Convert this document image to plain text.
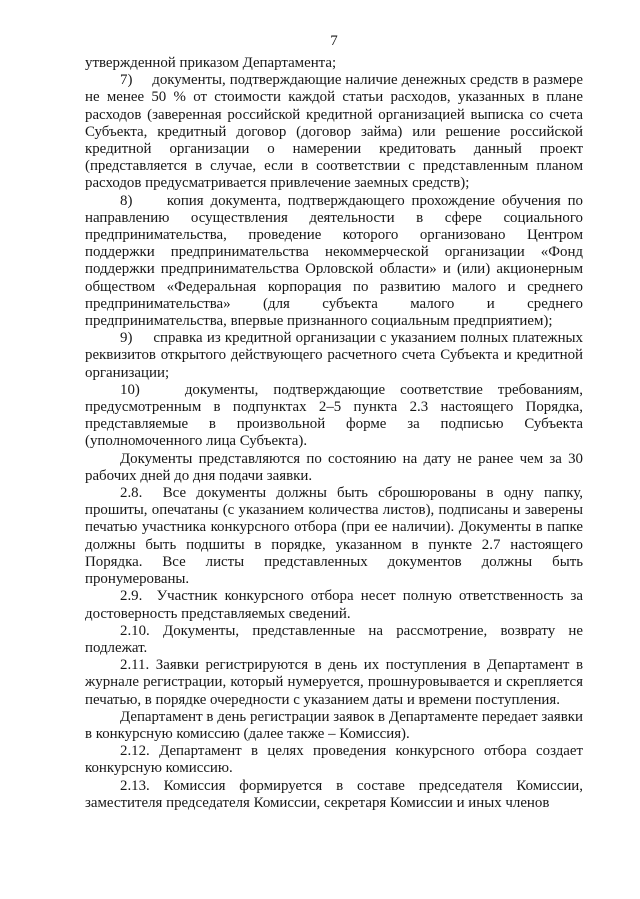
7

утвержденной приказом Департамента;

7)     документы, подтверждающие наличие денежных средств в размере не менее 50 % от стоимости каждой статьи расходов, указанных в плане расходов (заверенная российской кредитной организацией выписка со счета Субъекта, кредитный договор (договор займа) или решение российской кредитной организации о намерении кредитовать данный проект (представляется в случае, если в соответствии с представленным планом расходов предусматривается привлечение заемных средств);

8)     копия документа, подтверждающего прохождение обучения по направлению осуществления деятельности в сфере социального предпринимательства, проведение которого организовано Центром поддержки предпринимательства некоммерческой организации «Фонд поддержки предпринимательства Орловской области» и (или) акционерным обществом «Федеральная корпорация по развитию малого и среднего предпринимательства» (для субъекта малого и среднего предпринимательства, впервые признанного социальным предприятием);

9)     справка из кредитной организации с указанием полных платежных реквизитов открытого действующего расчетного счета Субъекта и кредитной организации;

10)   документы, подтверждающие соответствие требованиям, предусмотренным в подпунктах 2–5 пункта 2.3 настоящего Порядка, представляемые в произвольной форме за подписью Субъекта (уполномоченного лица Субъекта).

Документы представляются по состоянию на дату не ранее чем за 30 рабочих дней до дня подачи заявки.

2.8.  Все документы должны быть сброшюрованы в одну папку, прошиты, опечатаны (с указанием количества листов), подписаны и заверены печатью участника конкурсного отбора (при ее наличии). Документы в папке должны быть подшиты в порядке, указанном в пункте 2.7 настоящего Порядка. Все листы представленных документов должны быть пронумерованы.

2.9.  Участник конкурсного отбора несет полную ответственность за достоверность представляемых сведений.

2.10. Документы, представленные на рассмотрение, возврату не подлежат.

2.11. Заявки регистрируются в день их поступления в Департамент в журнале регистрации, который нумеруется, прошнуровывается и скрепляется печатью, в порядке очередности с указанием даты и времени поступления.

Департамент в день регистрации заявок в Департаменте передает заявки в конкурсную комиссию (далее также – Комиссия).

2.12. Департамент в целях проведения конкурсного отбора создает конкурсную комиссию.

2.13. Комиссия формируется в составе председателя Комиссии, заместителя председателя Комиссии, секретаря Комиссии и иных членов
